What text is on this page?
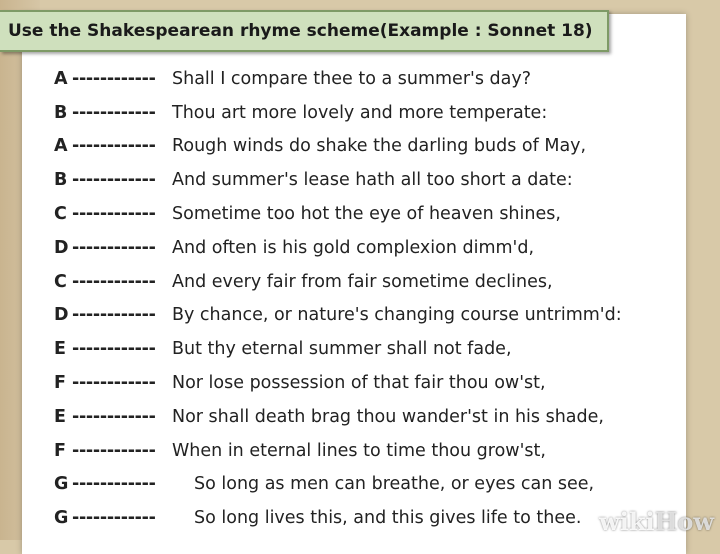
A ------------ Shall I compare thee to a summer's day?
B ------------ Thou art more lovely and more temperate:
A ------------ Rough winds do shake the darling buds of May,
B ------------ And summer's lease hath all too short a date:
C ------------ Sometime too hot the eye of heaven shines,
D ------------ And often is his gold complexion dimm'd,
C ------------ And every fair from fair sometime declines,
D ------------ By chance, or nature's changing course untrimm'd:
E ------------ But thy eternal summer shall not fade,
F ------------ Nor lose possession of that fair thou ow'st,
E ------------ Nor shall death brag thou wander'st in his shade,
F ------------ When in eternal lines to time thou grow'st,
G ------------	So long as men can breathe, or eyes can see,
G ------------	So long lives this, and this gives life to thee.
Use the Shakespearean rhyme scheme(Example : Sonnet 18)
wikiHow
